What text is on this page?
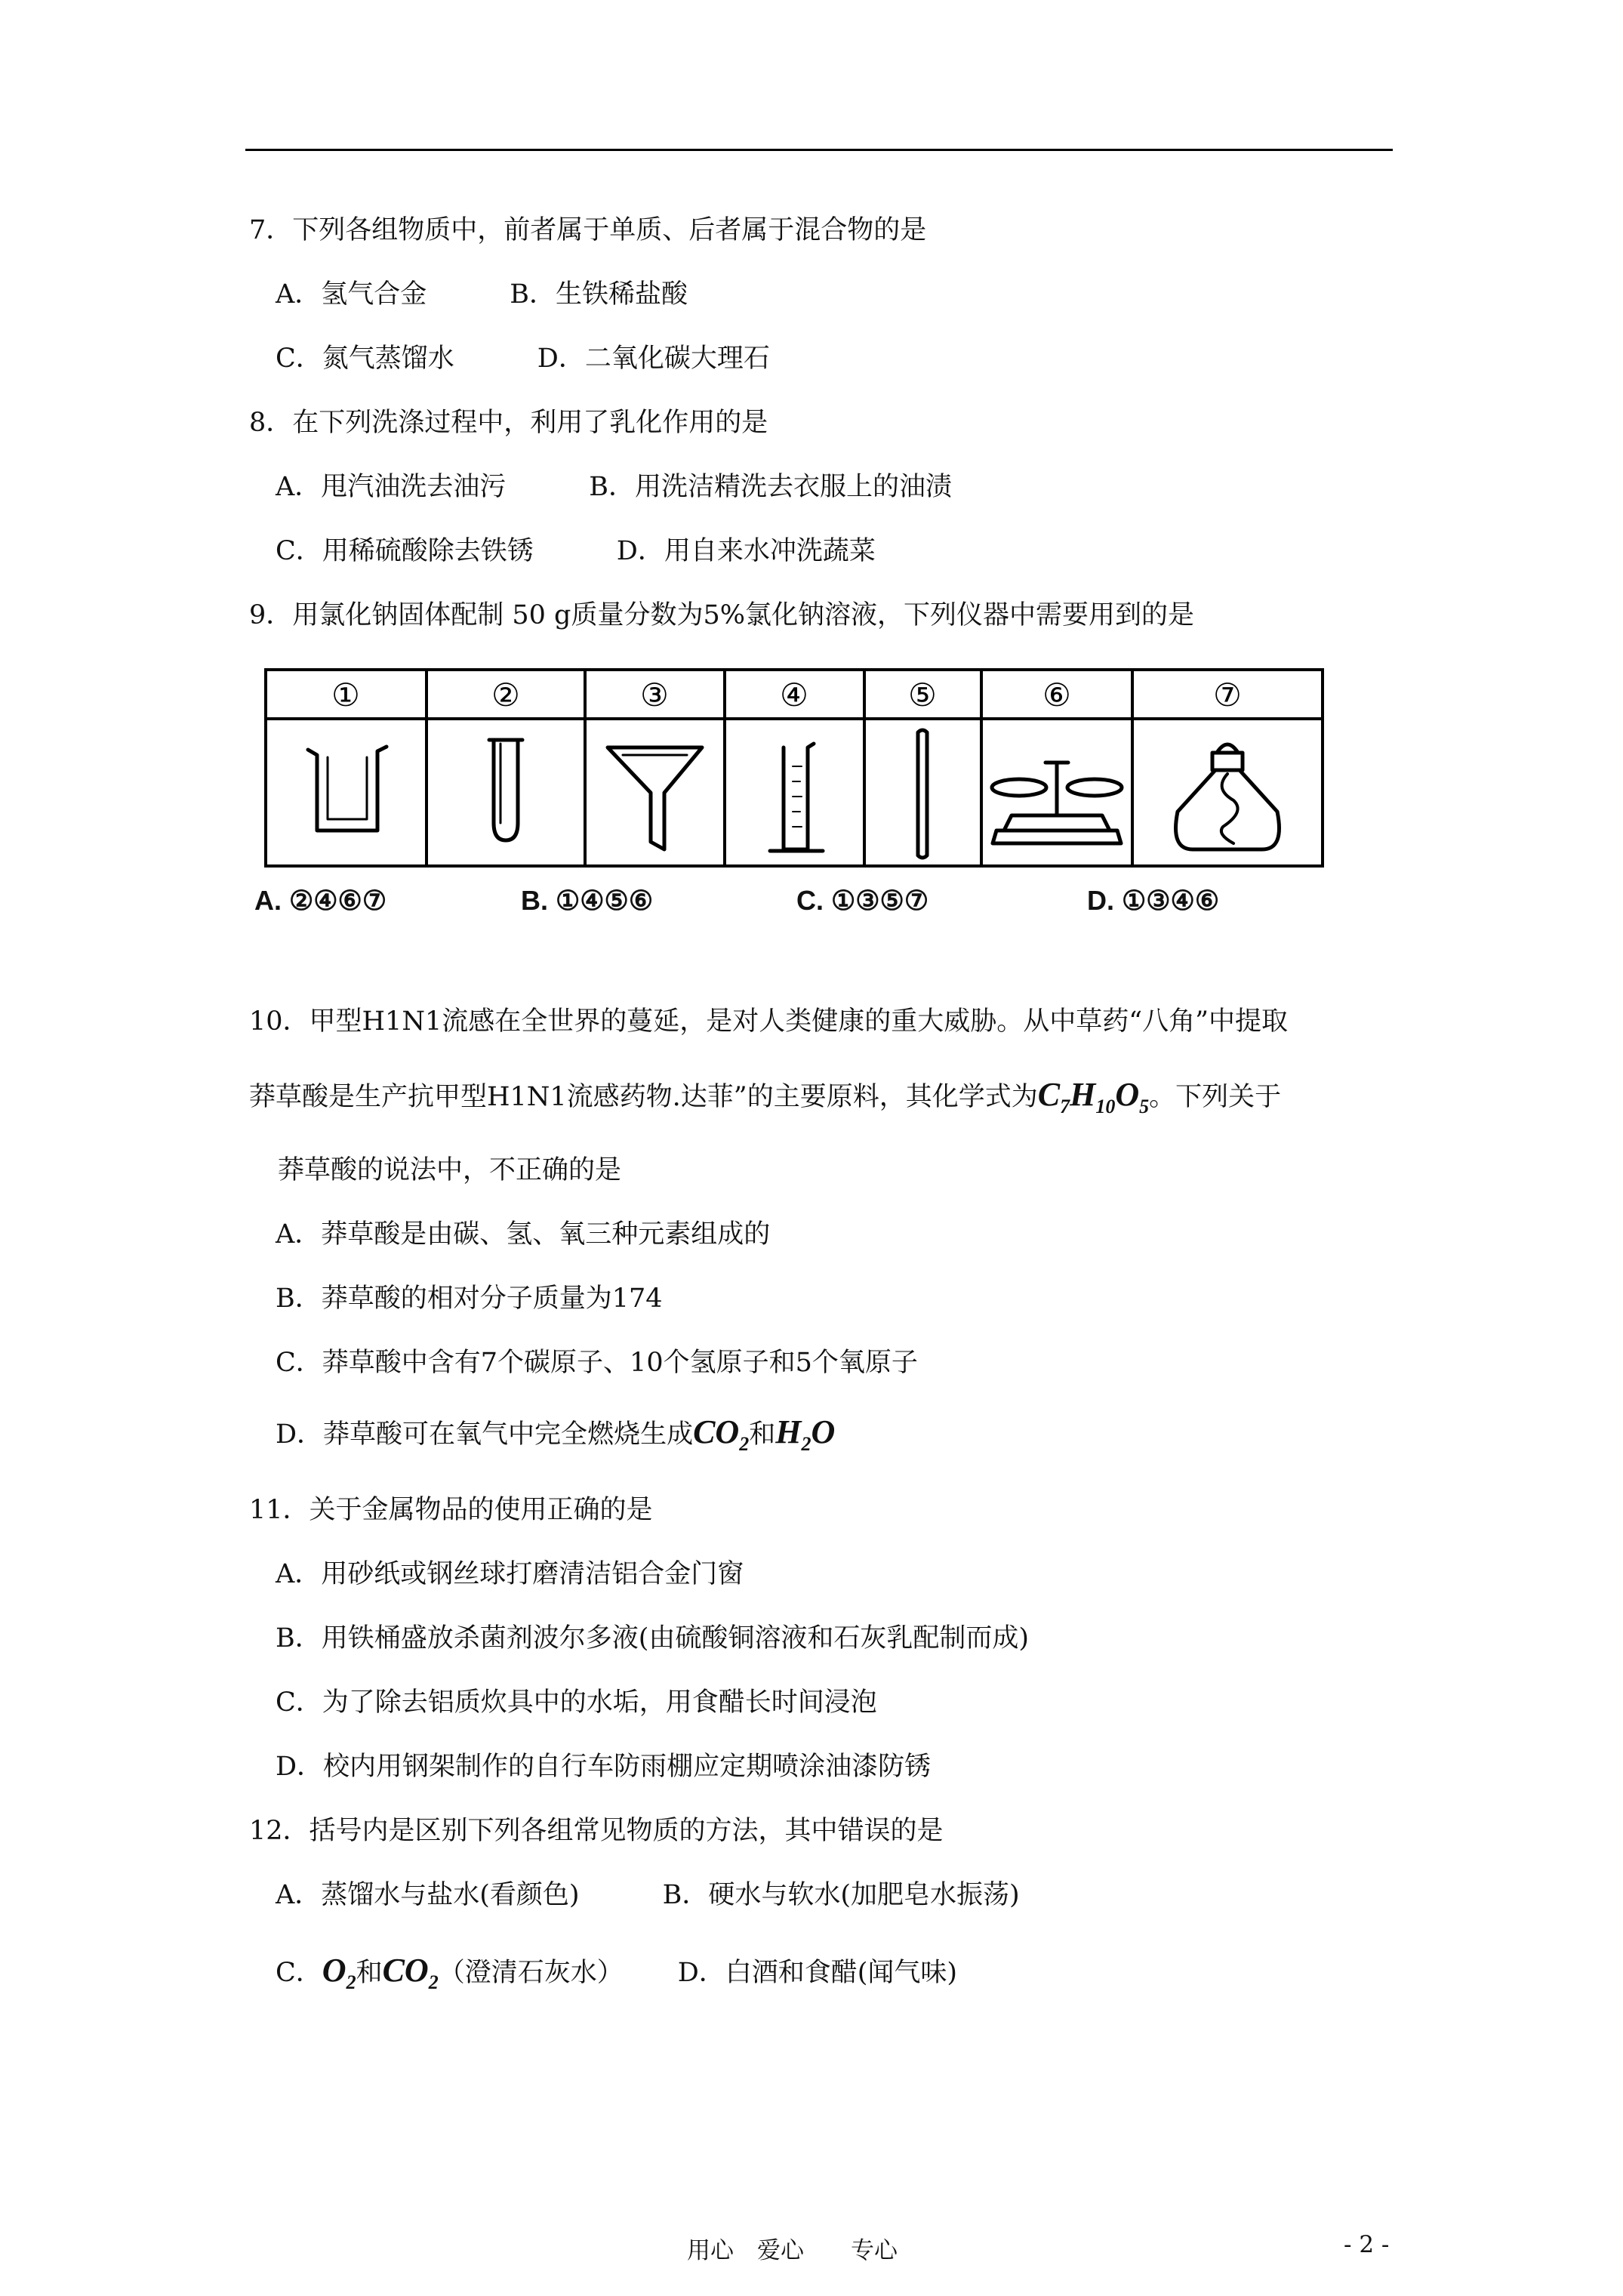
7．下列各组物质中，前者属于单质、后者属于混合物的是
A．氢气合金	B．生铁稀盐酸
C．氮气蒸馏水	D．二氧化碳大理石
8．在下列洗涤过程中，利用了乳化作用的是
A．甩汽油洗去油污	B．用洗洁精洗去衣服上的油渍
C．用稀硫酸除去铁锈	D．用自来水冲洗蔬菜
9．用氯化钠固体配制 50 g质量分数为5%氯化钠溶液，下列仪器中需要用到的是
①	②	③	④	⑤	⑥	⑦
A. ②④⑥⑦	B. ①④⑤⑥	C. ①③⑤⑦	D. ①③④⑥
10．甲型H1N1流感在全世界的蔓延，是对人类健康的重大威胁。从中草药“八角”中提取
莽草酸是生产抗甲型H1N1流感药物.达菲”的主要原料，其化学式为$C_7H_{10}O_5$。下列关于
莽草酸的说法中，不正确的是
A．莽草酸是由碳、氢、氧三种元素组成的
B．莽草酸的相对分子质量为174
C．莽草酸中含有7个碳原子、10个氢原子和5个氧原子
D．莽草酸可在氧气中完全燃烧生成$CO_2$和$H_2O$
11．关于金属物品的使用正确的是
A．用砂纸或钢丝球打磨清洁铝合金门窗
B．用铁桶盛放杀菌剂波尔多液(由硫酸铜溶液和石灰乳配制而成)
C．为了除去铝质炊具中的水垢，用食醋长时间浸泡
D．校内用钢架制作的自行车防雨棚应定期喷涂油漆防锈
12．括号内是区别下列各组常见物质的方法，其中错误的是
A．蒸馏水与盐水(看颜色)	B．硬水与软水(加肥皂水振荡)
C．$O_2$和$CO_2$（澄清石灰水） D．白酒和食醋(闻气味)
用心　爱心　　专心	- 2 -
